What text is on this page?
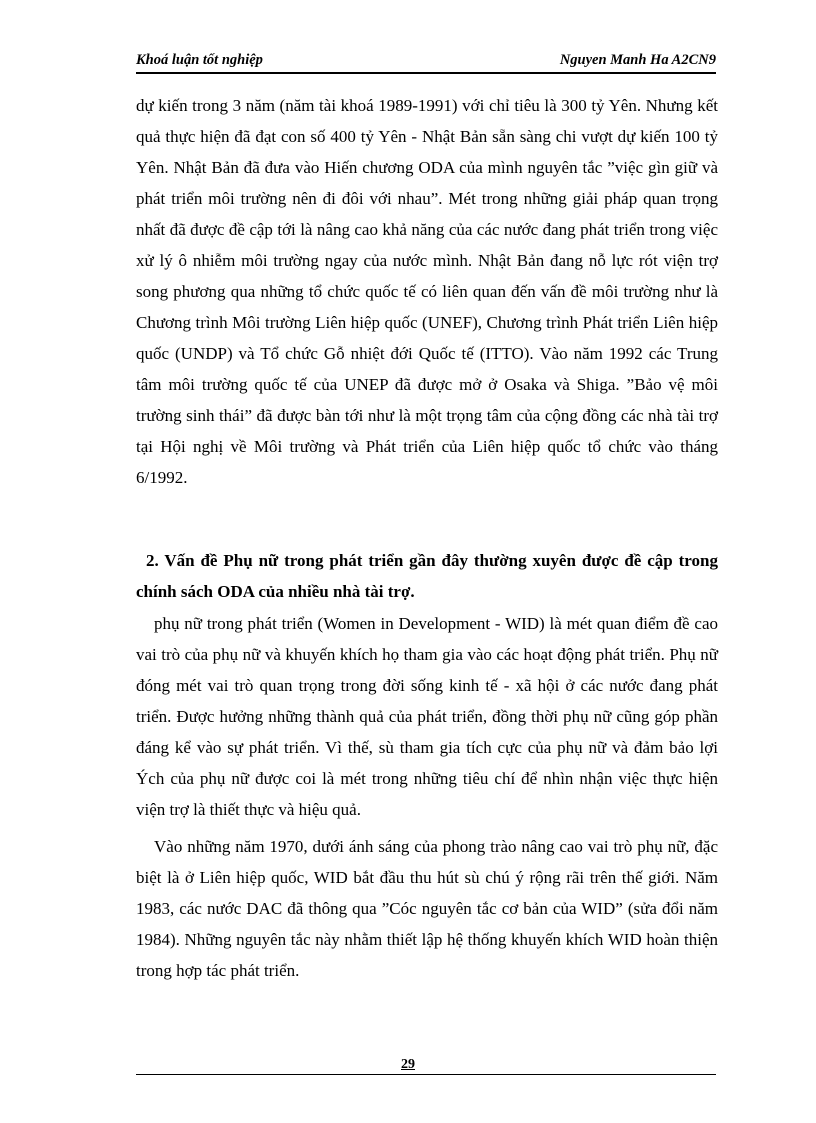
Khoá luận tốt nghiệp	Nguyen Manh Ha A2CN9

dự kiến trong 3 năm (năm tài khoá 1989-1991) với chỉ tiêu là 300 tỷ Yên. Nhưng kết quả thực hiện đã đạt con số 400 tỷ Yên - Nhật Bản sẵn sàng chi vượt dự kiến 100 tỷ Yên. Nhật Bản đã đưa vào Hiến chương ODA của mình nguyên tắc ”việc gìn giữ và phát triển môi trường nên đi đôi với nhau”. Mét trong những giải pháp quan trọng nhất đã được đề cập tới là nâng cao khả năng của các nước đang phát triển trong việc xử lý ô nhiễm môi trường ngay của nước mình. Nhật Bản đang nỗ lực rót viện trợ song phương qua những tổ chức quốc tế có liên quan đến vấn đề môi trường như là Chương trình Môi trường Liên hiệp quốc (UNEF), Chương trình Phát triển Liên hiệp quốc (UNDP) và Tổ chức Gỗ nhiệt đới Quốc tế (ITTO). Vào năm 1992 các Trung tâm môi trường quốc tế của UNEP đã được mở ở Osaka và Shiga. ”Bảo vệ môi trường sinh thái” đã được bàn tới như là một trọng tâm của cộng đồng các nhà tài trợ tại Hội nghị về Môi trường và Phát triển của Liên hiệp quốc tổ chức vào tháng 6/1992.

2. Vấn đề Phụ nữ trong phát triển gần đây thường xuyên được đề cập trong chính sách ODA của nhiều nhà tài trợ.

phụ nữ trong phát triển (Women in Development - WID) là mét quan điểm đề cao vai trò của phụ nữ và khuyến khích họ tham gia vào các hoạt động phát triển. Phụ nữ đóng mét vai trò quan trọng trong đời sống kinh tế - xã hội ở các nước đang phát triển. Được hưởng những thành quả của phát triển, đồng thời phụ nữ cũng góp phần đáng kể vào sự phát triển. Vì thế, sù tham gia tích cực của phụ nữ và đảm bảo lợi Ých của phụ nữ được coi là mét trong những tiêu chí để nhìn nhận việc thực hiện viện trợ là thiết thực và hiệu quả.

Vào những năm 1970, dưới ánh sáng của phong trào nâng cao vai trò phụ nữ, đặc biệt là ở Liên hiệp quốc, WID bắt đầu thu hút sù chú ý rộng rãi trên thế giới. Năm 1983, các nước DAC đã thông qua ”Cóc nguyên tắc cơ bản của WID” (sửa đổi năm 1984). Những nguyên tắc này nhằm thiết lập hệ thống khuyến khích WID hoàn thiện trong hợp tác phát triển.

29
